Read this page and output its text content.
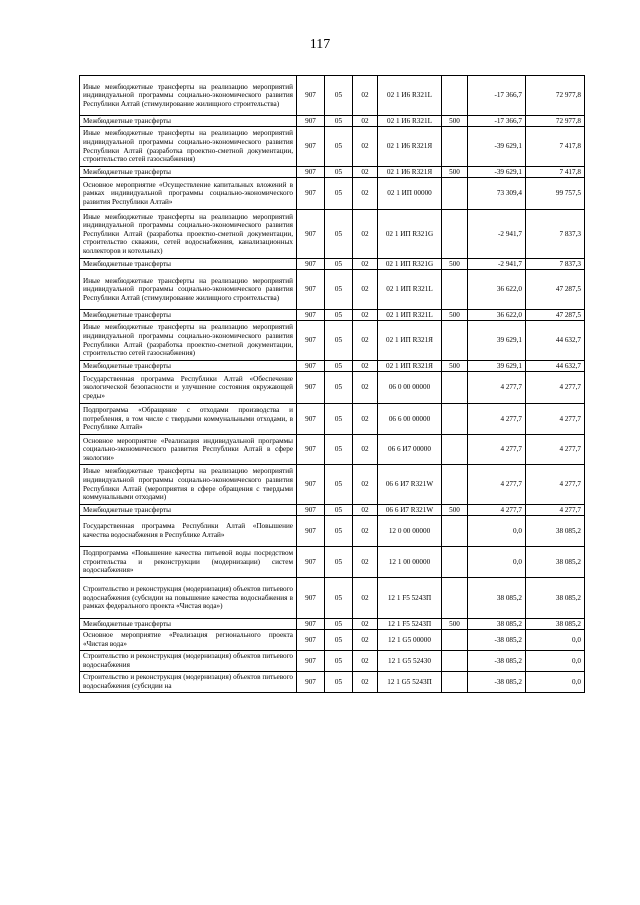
117
Иные межбюджетные трансферты на реализацию мероприятий индивидуальной программы социально-экономического развития Республики Алтай (стимулирование жилищного строительства)	907	05	02	02 1 И6 R321L		-17 366,7	72 977,8
Межбюджетные трансферты	907	05	02	02 1 И6 R321L	500	-17 366,7	72 977,8
Иные межбюджетные трансферты на реализацию мероприятий индивидуальной программы социально-экономического развития Республики Алтай (разработка проектно-сметной документации, строительство сетей газоснабжения)	907	05	02	02 1 И6 R321Я		-39 629,1	7 417,8
Межбюджетные трансферты	907	05	02	02 1 И6 R321Я	500	-39 629,1	7 417,8
Основное мероприятие «Осуществление капитальных вложений в рамках индивидуальной программы социально-экономического развития Республики Алтай»	907	05	02	02 1 ИП 00000		73 309,4	99 757,5
Иные межбюджетные трансферты на реализацию мероприятий индивидуальной программы социально-экономического развития Республики Алтай (разработка проектно-сметной документации, строительство скважин, сетей водоснабжения, канализационных коллекторов и котельных)	907	05	02	02 1 ИП R321G		-2 941,7	7 837,3
Межбюджетные трансферты	907	05	02	02 1 ИП R321G	500	-2 941,7	7 837,3
Иные межбюджетные трансферты на реализацию мероприятий индивидуальной программы социально-экономического развития Республики Алтай (стимулирование жилищного строительства)	907	05	02	02 1 ИП R321L		36 622,0	47 287,5
Межбюджетные трансферты	907	05	02	02 1 ИП R321L	500	36 622,0	47 287,5
Иные межбюджетные трансферты на реализацию мероприятий индивидуальной программы социально-экономического развития Республики Алтай (разработка проектно-сметной документации, строительство сетей газоснабжения)	907	05	02	02 1 ИП R321Я		39 629,1	44 632,7
Межбюджетные трансферты	907	05	02	02 1 ИП R321Я	500	39 629,1	44 632,7
Государственная программа Республики Алтай «Обеспечение экологической безопасности и улучшение состояния окружающей среды»	907	05	02	06 0 00 00000		4 277,7	4 277,7
Подпрограмма «Обращение с отходами производства и потребления, в том числе с твердыми коммунальными отходами, в Республике Алтай»	907	05	02	06 6 00 00000		4 277,7	4 277,7
Основное мероприятие «Реализация индивидуальной программы социально-экономического развития Республики Алтай в сфере экологии»	907	05	02	06 6 И7 00000		4 277,7	4 277,7
Иные межбюджетные трансферты на реализацию мероприятий индивидуальной программы социально-экономического развития Республики Алтай (мероприятия в сфере обращения с твердыми коммунальными отходами)	907	05	02	06 6 И7 R321W		4 277,7	4 277,7
Межбюджетные трансферты	907	05	02	06 6 И7 R321W	500	4 277,7	4 277,7
Государственная программа Республики Алтай «Повышение качества водоснабжения в Республике Алтай»	907	05	02	12 0 00 00000		0,0	38 085,2
Подпрограмма «Повышение качества питьевой воды посредством строительства и реконструкции (модернизации) систем водоснабжения»	907	05	02	12 1 00 00000		0,0	38 085,2
Строительство и реконструкция (модернизация) объектов питьевого водоснабжения (субсидии на повышение качества водоснабжения в рамках федерального проекта «Чистая вода»)	907	05	02	12 1 F5 5243П		38 085,2	38 085,2
Межбюджетные трансферты	907	05	02	12 1 F5 5243П	500	38 085,2	38 085,2
Основное мероприятие «Реализация регионального проекта «Чистая вода»	907	05	02	12 1 G5 00000		-38 085,2	0,0
Строительство и реконструкция (модернизация) объектов питьевого водоснабжения	907	05	02	12 1 G5 52430		-38 085,2	0,0
Строительство и реконструкция (модернизация) объектов питьевого водоснабжения (субсидии на	907	05	02	12 1 G5 5243П		-38 085,2	0,0
